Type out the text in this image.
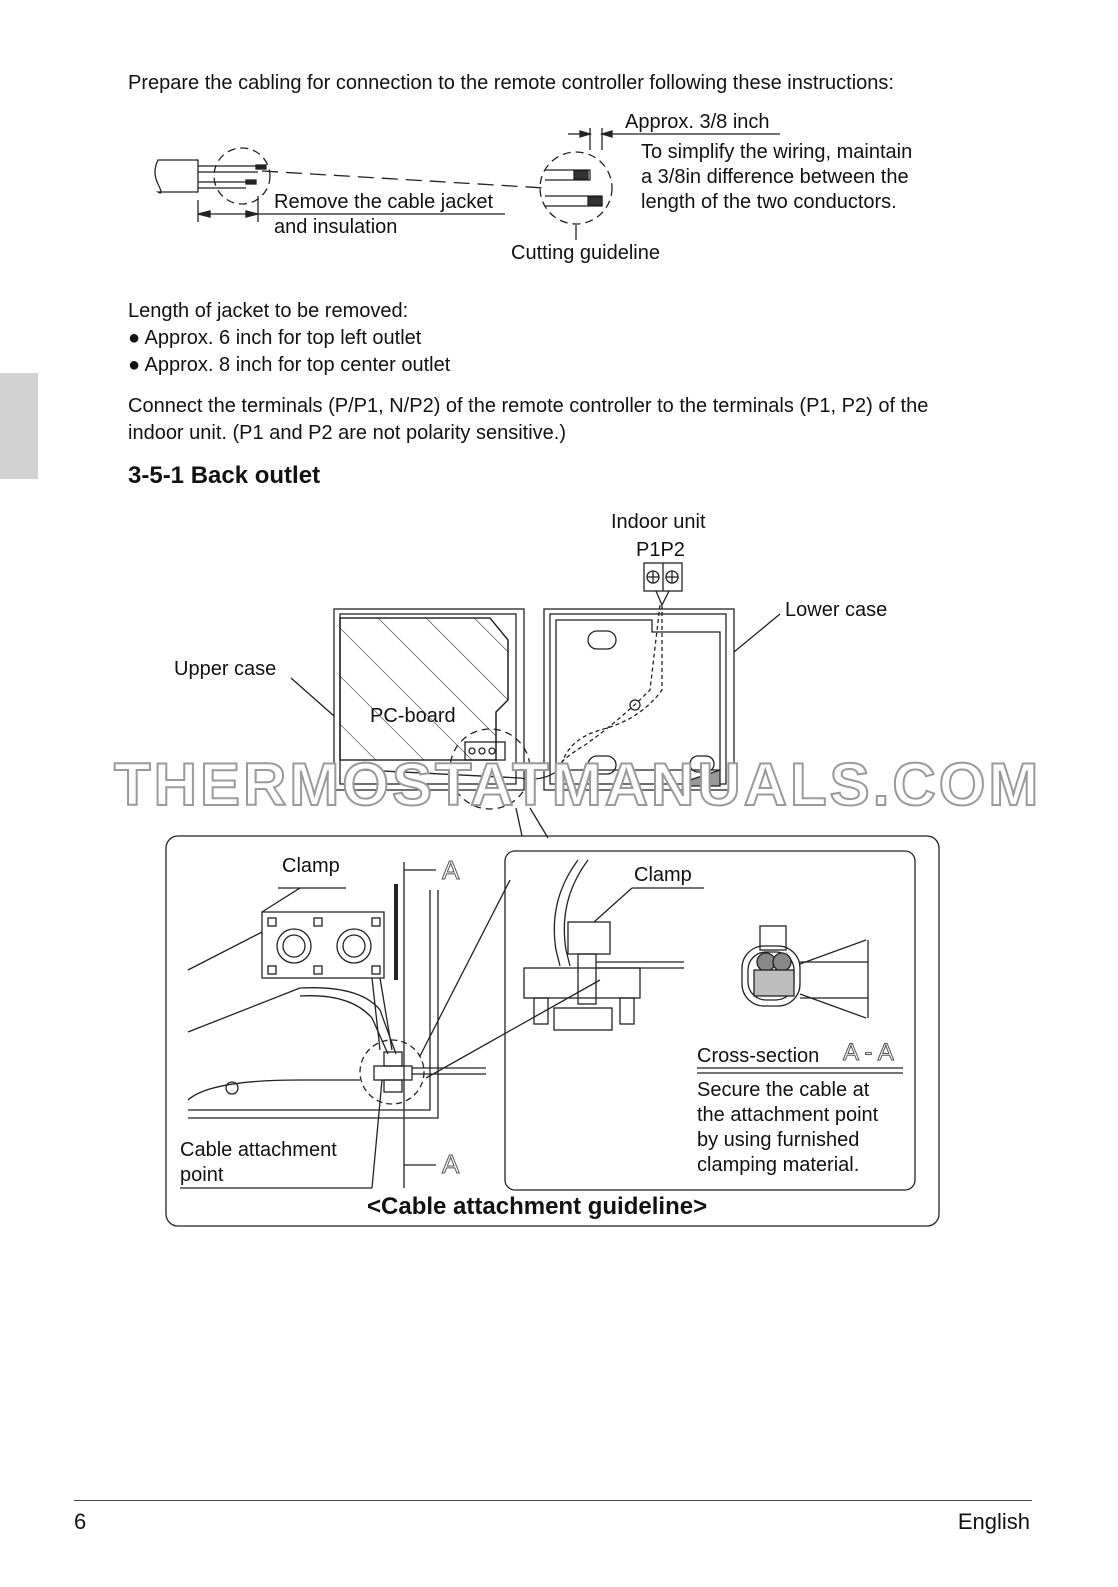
Prepare the cabling for connection to the remote controller following these instructions:
Approx. 3/8 inch
To simplify the wiring, maintain
a 3/8in difference between the
length of the two conductors.
Remove the cable jacket
and insulation
Cutting guideline
Length of jacket to be removed:
● Approx. 6 inch for top left outlet
● Approx. 8 inch for top center outlet
Connect the terminals (P/P1, N/P2) of the remote controller to the terminals (P1, P2) of the
indoor unit. (P1 and P2 are not polarity sensitive.)
3-5-1 Back outlet
Indoor unit
P1P2
Lower case
Upper case
Clamp	A
A
Cable attachment
point
Clamp
Cross-section A - A
Secure the cable at
the attachment point
by using furnished
clamping material.
<Cable attachment guideline>
THERMOSTATMANUALS.COM
6	English
